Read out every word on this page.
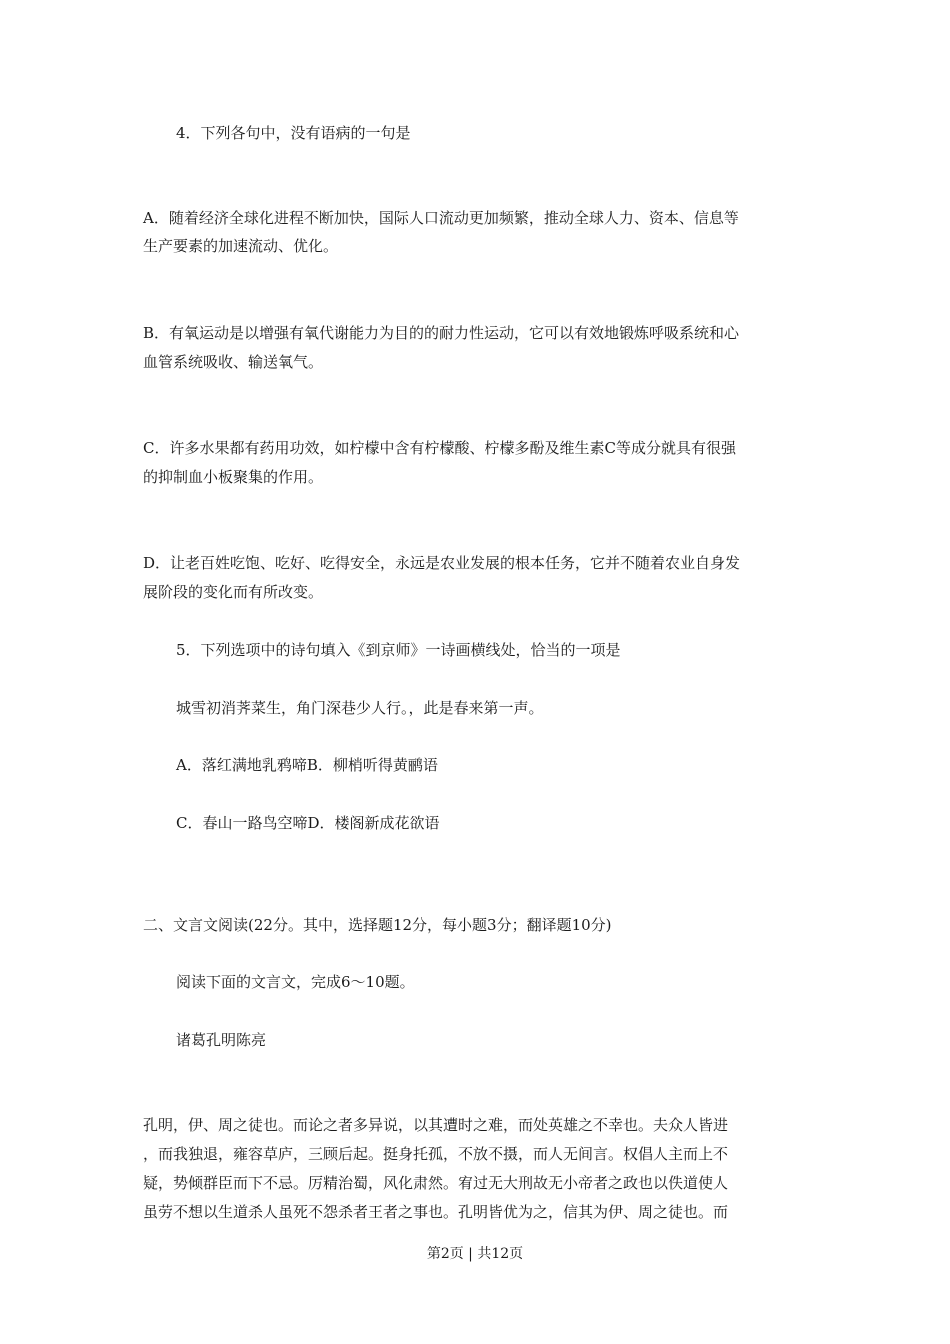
4．下列各句中，没有语病的一句是
A．随着经济全球化进程不断加快，国际人口流动更加频繁，推动全球人力、资本、信息等
生产要素的加速流动、优化。
B．有氧运动是以增强有氧代谢能力为目的的耐力性运动，它可以有效地锻炼呼吸系统和心
血管系统吸收、输送氧气。
C．许多水果都有药用功效，如柠檬中含有柠檬酸、柠檬多酚及维生素C等成分就具有很强
的抑制血小板聚集的作用。
D．让老百姓吃饱、吃好、吃得安全，永远是农业发展的根本任务，它并不随着农业自身发
展阶段的变化而有所改变。
5．下列选项中的诗句填入《到京师》一诗画横线处，恰当的一项是
城雪初消荠菜生，角门深巷少人行。，此是春来第一声。
A．落红满地乳鸦啼B．柳梢听得黄鹂语
C．春山一路鸟空啼D．楼阁新成花欲语
二、文言文阅读(22分。其中，选择题12分，每小题3分；翻译题10分)
阅读下面的文言文，完成6～10题。
诸葛孔明陈亮
孔明，伊、周之徒也。而论之者多异说，以其遭时之难，而处英雄之不幸也。夫众人皆进
，而我独退，雍容草庐，三顾后起。挺身托孤，不放不摄，而人无间言。权倡人主而上不
疑，势倾群臣而下不忌。厉精治蜀，风化肃然。宥过无大刑故无小帝者之政也以佚道使人
虽劳不想以生道杀人虽死不怨杀者王者之事也。孔明皆优为之，信其为伊、周之徒也。而
第2页 | 共12页
